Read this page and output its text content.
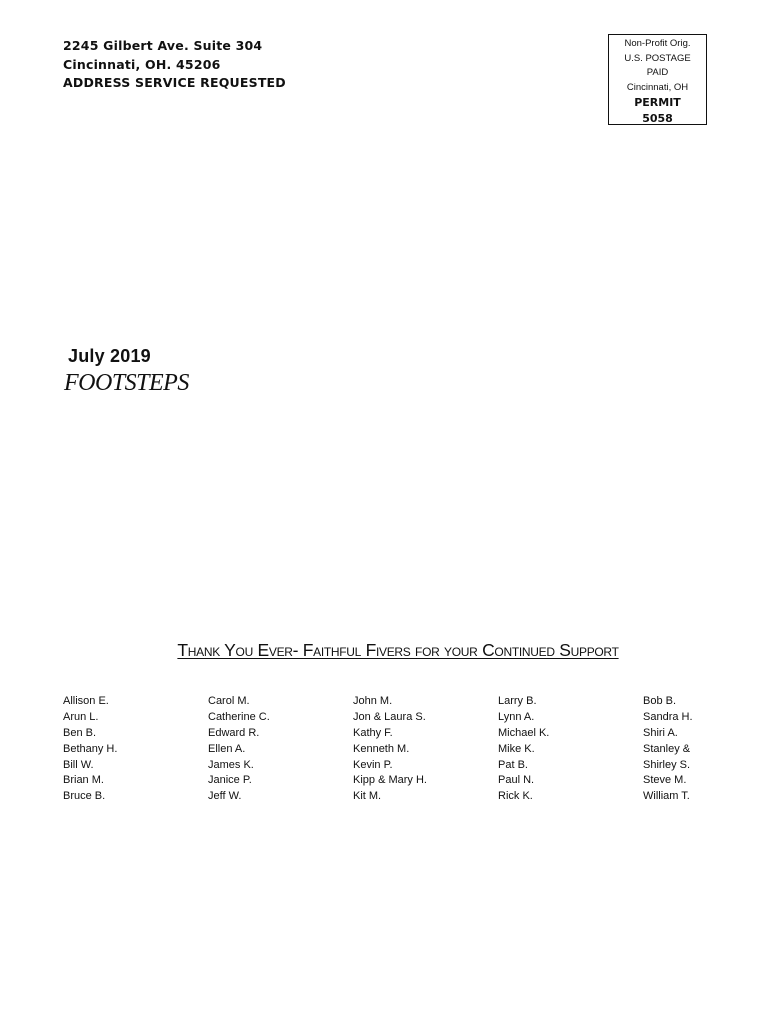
2245 Gilbert Ave. Suite 304
Cincinnati, OH. 45206
ADDRESS SERVICE REQUESTED
Non-Profit Orig.
U.S. POSTAGE
PAID
Cincinnati, OH
PERMIT
5058
July 2019
FOOTSTEPS
Thank You Ever- Faithful Fivers for your Continued Support
Allison E.
Arun L.
Ben B.
Bethany H.
Bill W.
Brian M.
Bruce B.
Carol M.
Catherine C.
Edward R.
Ellen A.
James K.
Janice P.
Jeff W.
John M.
Jon & Laura S.
Kathy F.
Kenneth M.
Kevin P.
Kipp & Mary H.
Kit M.
Larry B.
Lynn A.
Michael K.
Mike K.
Pat B.
Paul N.
Rick K.
Bob B.
Sandra H.
Shiri A.
Stanley &
Shirley S.
Steve M.
William T.
